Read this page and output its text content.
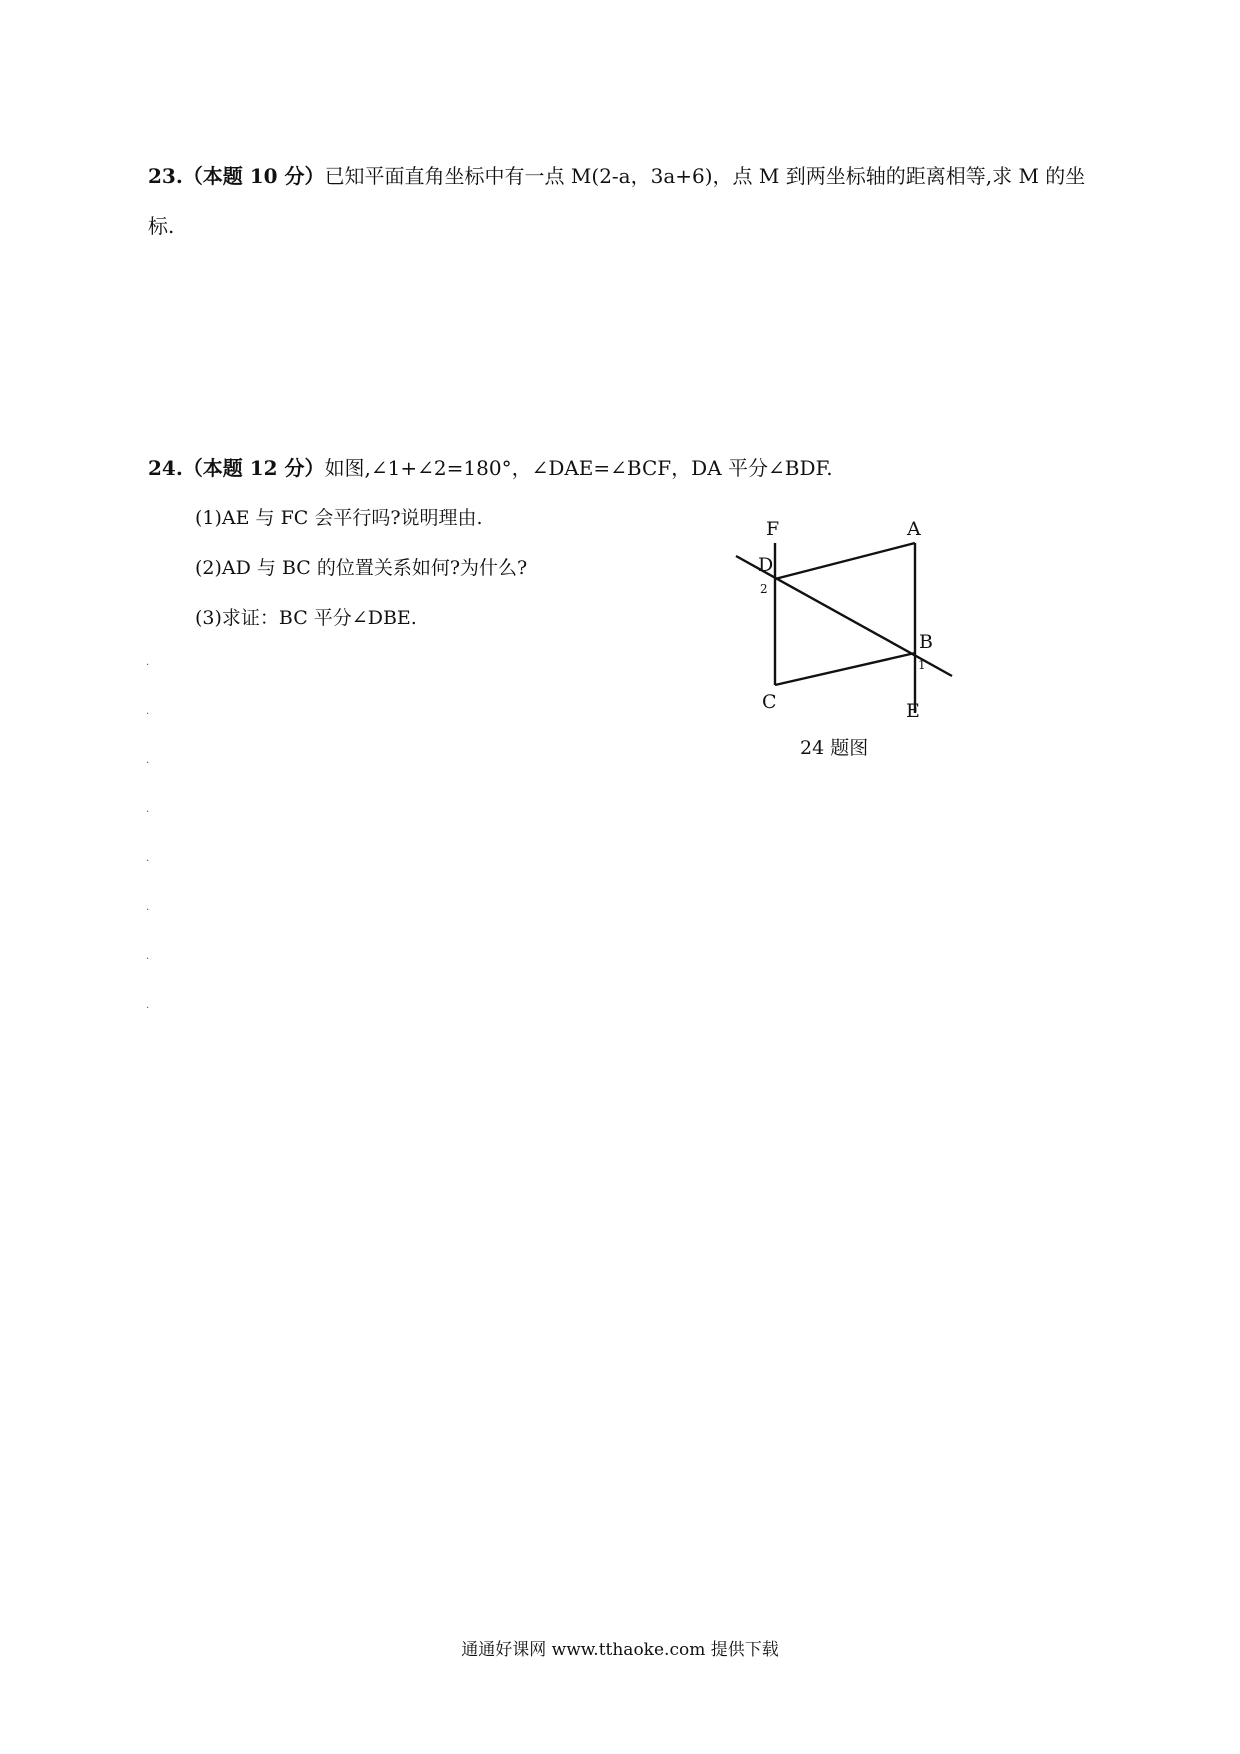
23.（本题 10 分）已知平面直角坐标中有一点 M(2-a，3a+6)，点 M 到两坐标轴的距离相等,求 M 的坐
标.
24.（本题 12 分）如图,∠1+∠2=180°，∠DAE=∠BCF，DA 平分∠BDF.
(1)AE 与 FC 会平行吗?说明理由.
(2)AD 与 BC 的位置关系如何?为什么?
(3)求证：BC 平分∠DBE.
·
·
·
·
·
·
·
·
F	A
D
2
B
1
C	E
24 题图
通通好课网 www.tthaoke.com 提供下载
